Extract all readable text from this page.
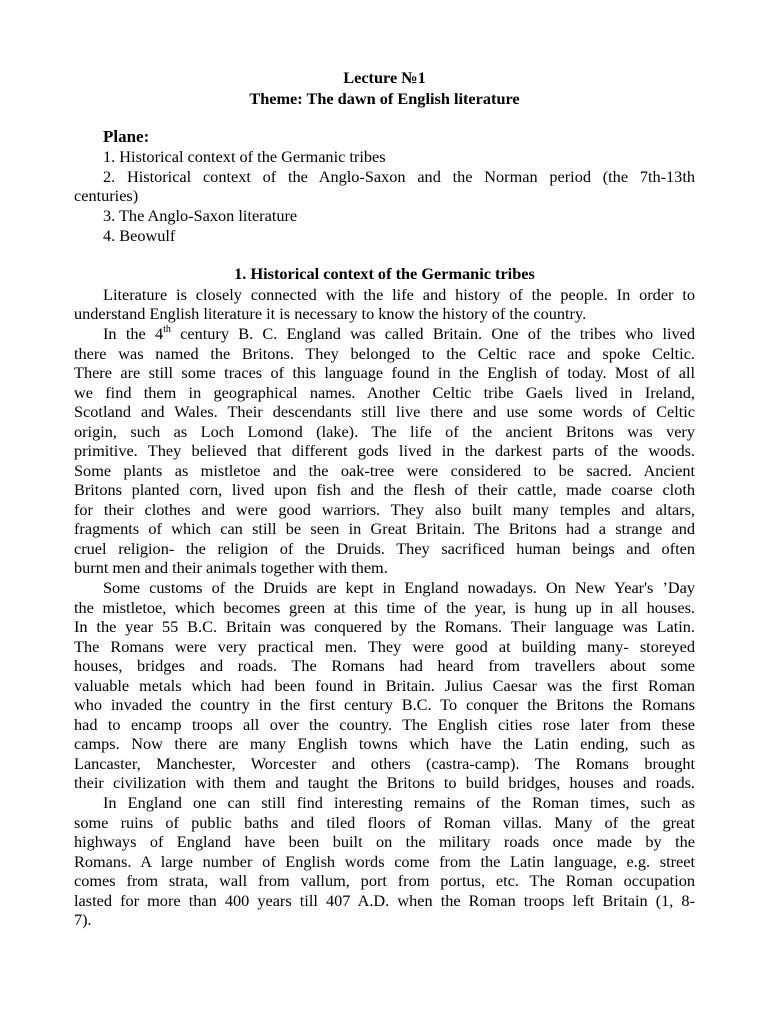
Lecture №1
Theme: The dawn of English literature
Plane:
1. Historical context of the Germanic tribes
2. Historical context of the Anglo-Saxon and the Norman period (the 7th-13th
centuries)
3. The Anglo-Saxon literature
4. Beowulf
1. Historical context of the Germanic tribes
Literature is closely connected with the life and history of the people. In order to
understand English literature it is necessary to know the history of the country.
In the 4th century B. C. England was called Britain. One of the tribes who lived
there was named the Britons. They belonged to the Celtic race and spoke Celtic.
There are still some traces of this language found in the English of today. Most of all
we find them in geographical names. Another Celtic tribe Gaels lived in Ireland,
Scotland and Wales. Their descendants still live there and use some words of Celtic
origin, such as Loch Lomond (lake). The life of the ancient Britons was very
primitive. They believed that different gods lived in the darkest parts of the woods.
Some plants as mistletoe and the oak-tree were considered to be sacred. Ancient
Britons planted corn, lived upon fish and the flesh of their cattle, made coarse cloth
for their clothes and were good warriors. They also built many temples and altars,
fragments of which can still be seen in Great Britain. The Britons had a strange and
cruel religion- the religion of the Druids. They sacrificed human beings and often
burnt men and their animals together with them.
Some customs of the Druids are kept in England nowadays. On New Year's ’Day
the mistletoe, which becomes green at this time of the year, is hung up in all houses.
In the year 55 B.C. Britain was conquered by the Romans. Their language was Latin.
The Romans were very practical men. They were good at building many- storeyed
houses, bridges and roads. The Romans had heard from travellers about some
valuable metals which had been found in Britain. Julius Caesar was the first Roman
who invaded the country in the first century B.C. To conquer the Britons the Romans
had to encamp troops all over the country. The English cities rose later from these
camps. Now there are many English towns which have the Latin ending, such as
Lancaster, Manchester, Worcester and others (castra-camp). The Romans brought
their civilization with them and taught the Britons to build bridges, houses and roads.
In England one can still find interesting remains of the Roman times, such as
some ruins of public baths and tiled floors of Roman villas. Many of the great
highways of England have been built on the military roads once made by the
Romans. A large number of English words come from the Latin language, e.g. street
comes from strata, wall from vallum, port from portus, etc. The Roman occupation
lasted for more than 400 years till 407 A.D. when the Roman troops left Britain (1, 8-
7).
